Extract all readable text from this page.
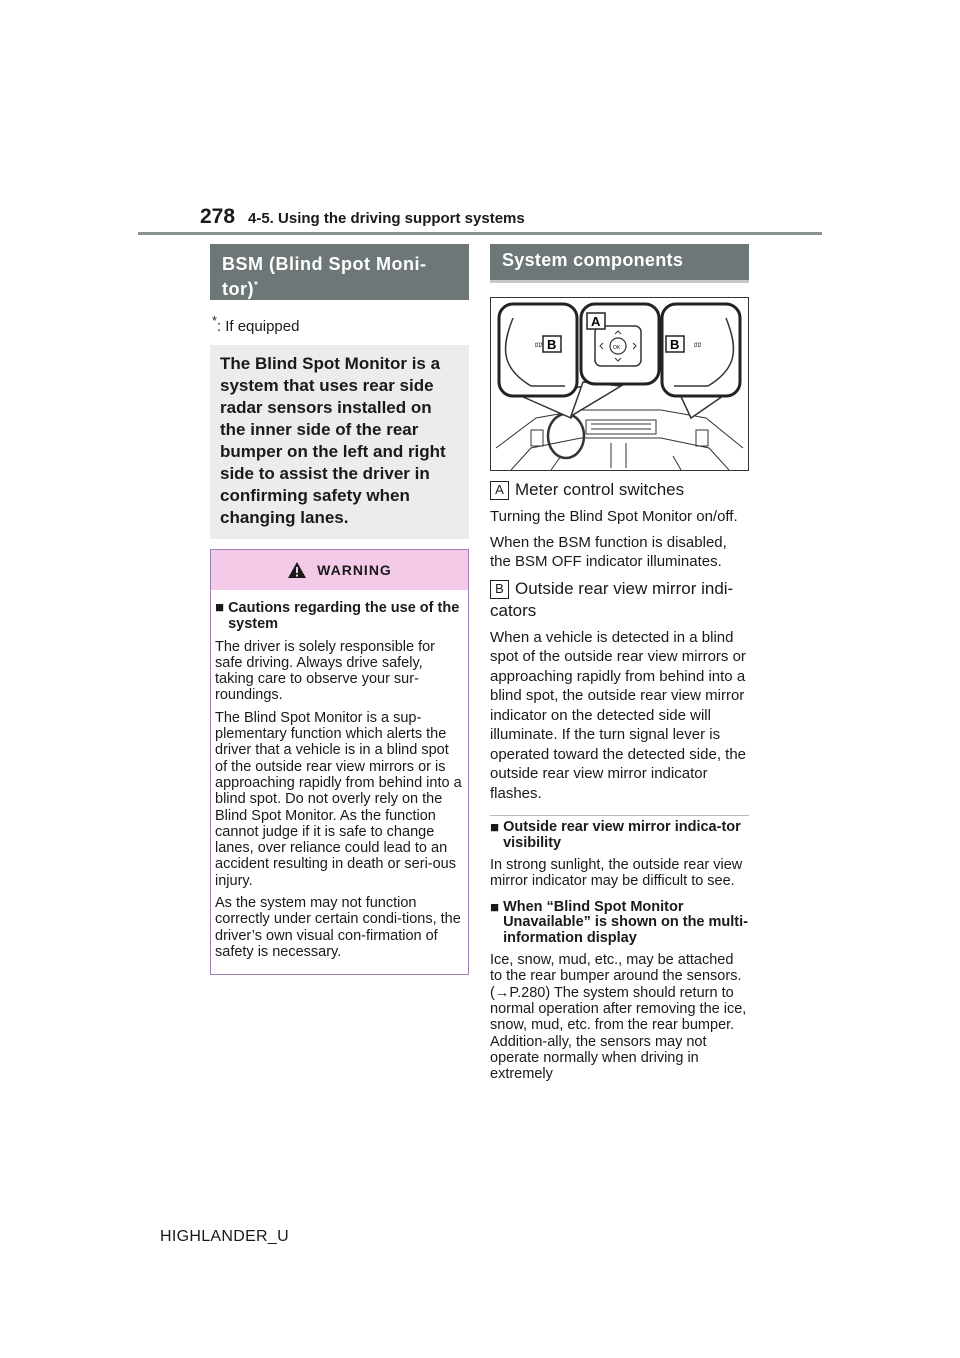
278 4-5. Using the driving support systems
BSM (Blind Spot Moni-
tor)*
*: If equipped
The Blind Spot Monitor is a system that uses rear side radar sensors installed on the inner side of the rear bumper on the left and right side to assist the driver in confirming safety when changing lanes.
WARNING
■ Cautions regarding the use of the system

The driver is solely responsible for safe driving. Always drive safely, taking care to observe your sur-roundings.

The Blind Spot Monitor is a sup-plementary function which alerts the driver that a vehicle is in a blind spot of the outside rear view mirrors or is approaching rapidly from behind into a blind spot. Do not overly rely on the Blind Spot Monitor. As the function cannot judge if it is safe to change lanes, over reliance could lead to an accident resulting in death or seri-ous injury.

As the system may not function correctly under certain condi-tions, the driver’s own visual con-firmation of safety is necessary.

System components
ﾛﾛ	OK	ﾛﾛ
B
A
B
A Meter control switches
Turning the Blind Spot Monitor on/off.
When the BSM function is disabled, the BSM OFF indicator illuminates.
B Outside rear view mirror indi-cators
When a vehicle is detected in a blind spot of the outside rear view mirrors or approaching rapidly from behind into a blind spot, the outside rear view mirror indicator on the detected side will illuminate. If the turn signal lever is operated toward the detected side, the outside rear view mirror indicator flashes.
■ Outside rear view mirror indica-tor visibility
In strong sunlight, the outside rear view mirror indicator may be difficult to see.
■ When “Blind Spot Monitor Unavailable” is shown on the multi-information display
Ice, snow, mud, etc., may be attached to the rear bumper around the sensors. (→P.280) The system should return to normal operation after removing the ice, snow, mud, etc. from the rear bumper. Addition-ally, the sensors may not operate normally when driving in extremely
HIGHLANDER_U
